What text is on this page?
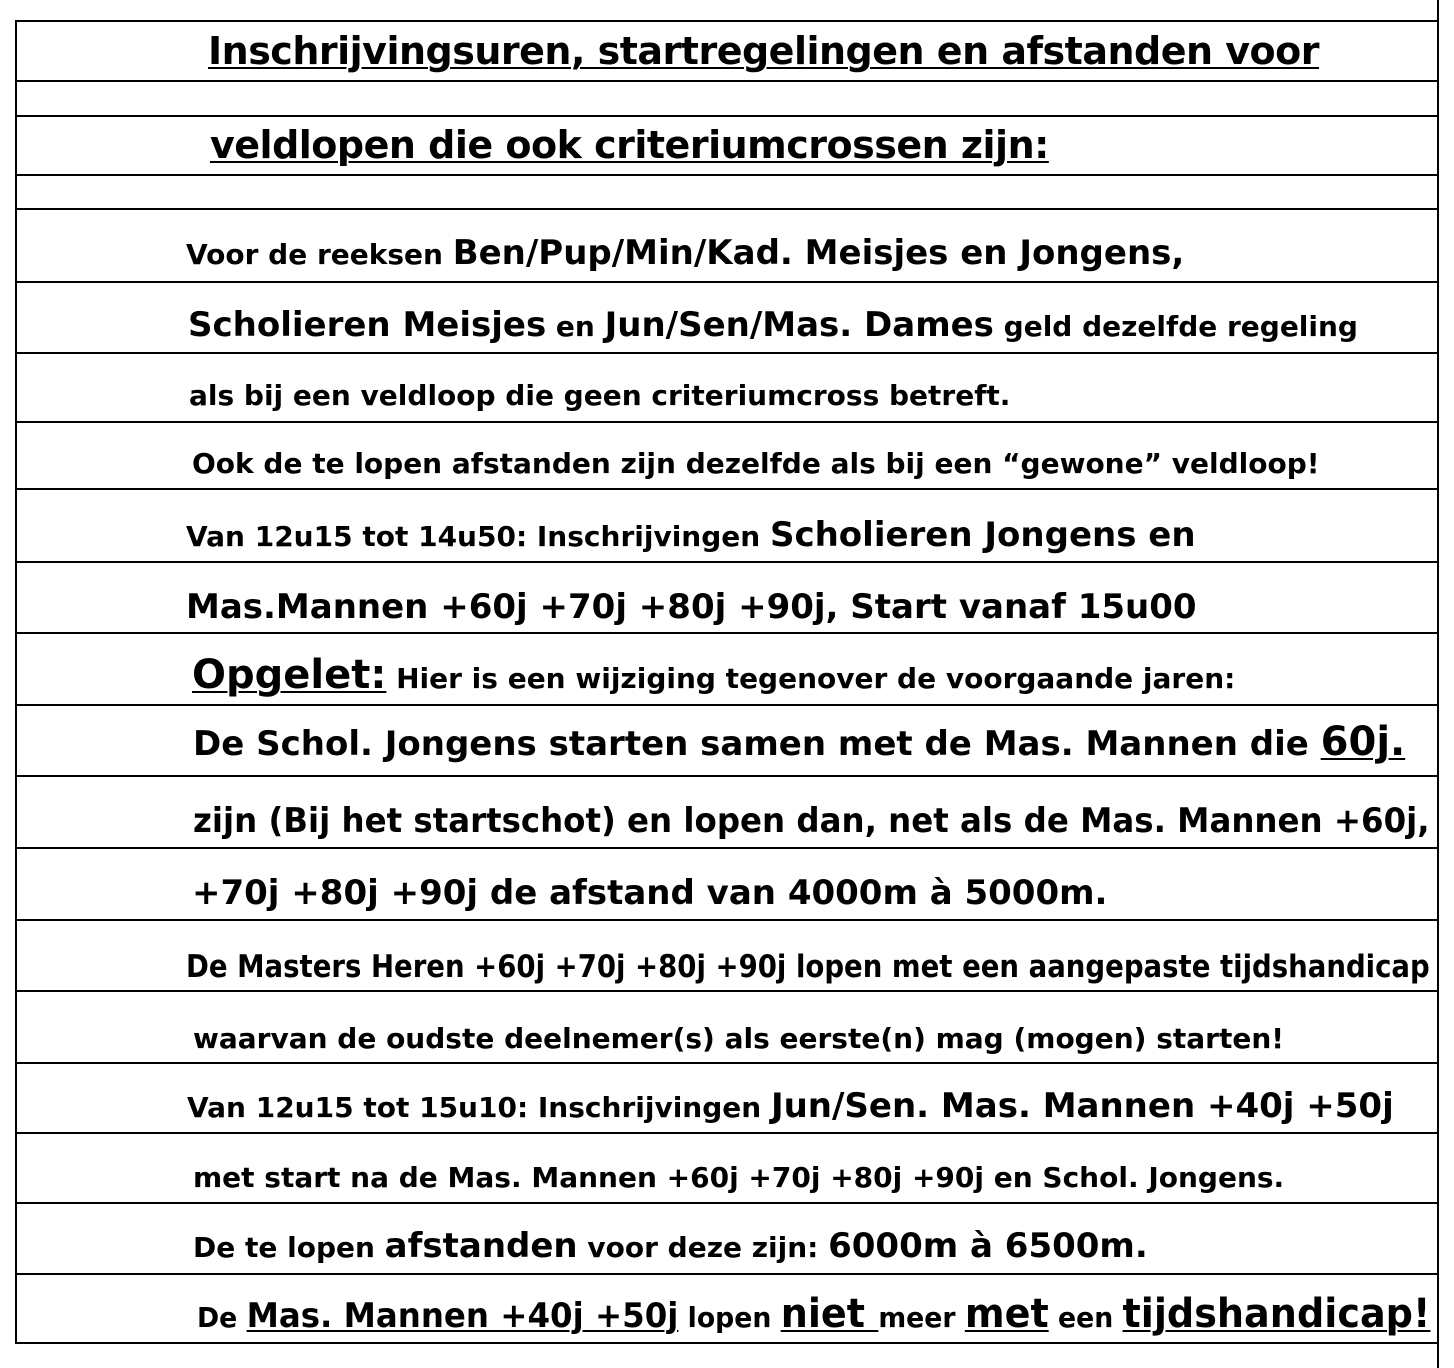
Inschrijvingsuren, startregelingen en afstanden voor
veldlopen die ook criteriumcrossen zijn:
Voor de reeksen Ben/Pup/Min/Kad. Meisjes en Jongens,
Scholieren Meisjes en Jun/Sen/Mas. Dames geld dezelfde regeling
als bij een veldloop die geen criteriumcross betreft.
Ook de te lopen afstanden zijn dezelfde als bij een “gewone” veldloop!
Van 12u15 tot 14u50: Inschrijvingen Scholieren Jongens en
Mas.Mannen +60j +70j +80j +90j, Start vanaf 15u00
Opgelet: Hier is een wijziging tegenover de voorgaande jaren:
De Schol. Jongens starten samen met de Mas. Mannen die 60j.
zijn (Bij het startschot) en lopen dan, net als de Mas. Mannen +60j,
+70j +80j +90j de afstand van 4000m à 5000m.
De Masters Heren +60j +70j +80j +90j lopen met een aangepaste tijdshandicap
waarvan de oudste deelnemer(s) als eerste(n) mag (mogen) starten!
Van 12u15 tot 15u10: Inschrijvingen Jun/Sen. Mas. Mannen +40j +50j
met start na de Mas. Mannen +60j +70j +80j +90j en Schol. Jongens.
De te lopen afstanden voor deze zijn: 6000m à 6500m.
De Mas. Mannen +40j +50j lopen niet meer met een tijdshandicap!
